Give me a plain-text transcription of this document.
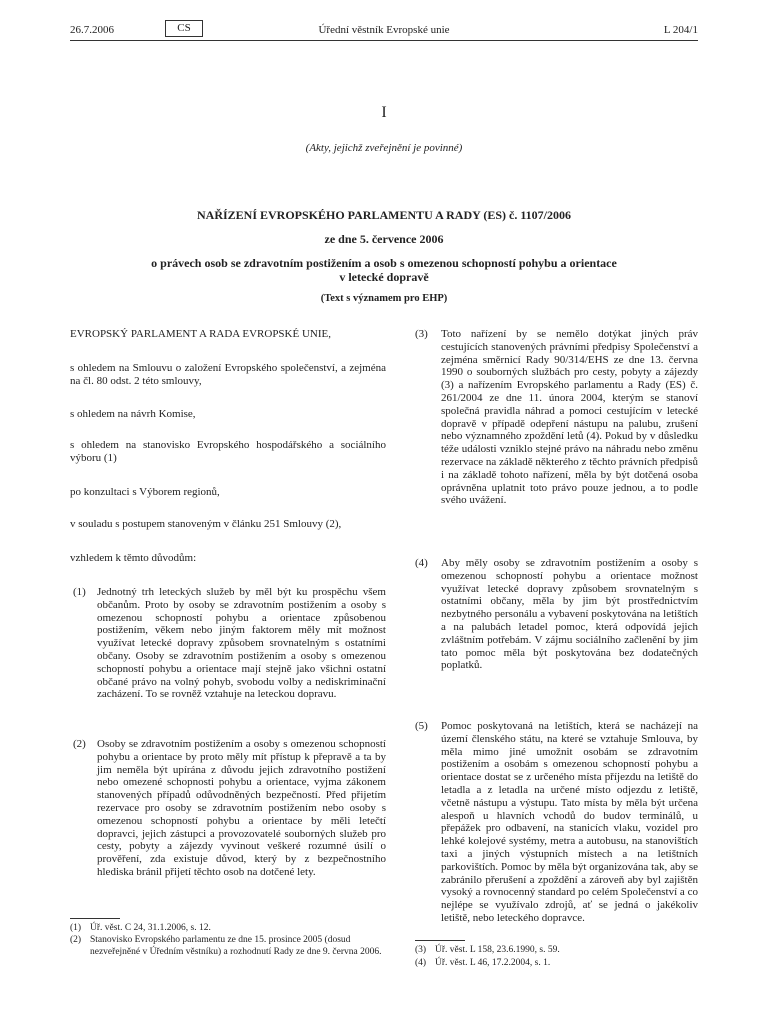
26.7.2006	CS	Úřední věstník Evropské unie	L 204/1
I
(Akty, jejichž zveřejnění je povinné)
NAŘÍZENÍ EVROPSKÉHO PARLAMENTU A RADY (ES) č. 1107/2006
ze dne 5. července 2006
o právech osob se zdravotním postižením a osob s omezenou schopností pohybu a orientace
v letecké dopravě
(Text s významem pro EHP)
EVROPSKÝ PARLAMENT A RADA EVROPSKÉ UNIE,
s ohledem na Smlouvu o založení Evropského společenství, a zejména na čl. 80 odst. 2 této smlouvy,
s ohledem na návrh Komise,
s ohledem na stanovisko Evropského hospodářského a sociálního výboru (1)
po konzultaci s Výborem regionů,
v souladu s postupem stanoveným v článku 251 Smlouvy (2),
vzhledem k těmto důvodům:
(1) Jednotný trh leteckých služeb by měl být ku prospěchu všem občanům. Proto by osoby se zdravotním postižením a osoby s omezenou schopností pohybu a orientace způsobenou postižením, věkem nebo jiným faktorem měly mít možnost využívat letecké dopravy způsobem srovnatelným s ostatními občany. Osoby se zdravotním postižením a osoby s omezenou schopností pohybu a orientace mají stejně jako všichni ostatní občané právo na volný pohyb, svobodu volby a nediskriminační zacházení. To se rovněž vztahuje na leteckou dopravu.
(2) Osoby se zdravotním postižením a osoby s omezenou schopností pohybu a orientace by proto měly mít přístup k přepravě a ta by jim neměla být upírána z důvodu jejich zdravotního postižení nebo omezené schopnosti pohybu a orientace, vyjma zákonem stanovených případů odůvodněných bezpečností. Před přijetím rezervace pro osoby se zdravotním postižením nebo osoby s omezenou schopností pohybu a orientace by měli letečtí dopravci, jejich zástupci a provozovatelé souborných služeb pro cesty, pobyty a zájezdy vyvinout veškeré rozumné úsilí o prověření, zda existuje důvod, který by z bezpečnostního hlediska bránil přijetí těchto osob na dotčené lety.
(1) Úř. věst. C 24, 31.1.2006, s. 12.
(2) Stanovisko Evropského parlamentu ze dne 15. prosince 2005 (dosud nezveřejněné v Úředním věstníku) a rozhodnutí Rady ze dne 9. června 2006.
(3) Toto nařízení by se nemělo dotýkat jiných práv cestujících stanovených právními předpisy Společenství a zejména směrnicí Rady 90/314/EHS ze dne 13. června 1990 o souborných službách pro cesty, pobyty a zájezdy (3) a nařízením Evropského parlamentu a Rady (ES) č. 261/2004 ze dne 11. února 2004, kterým se stanoví společná pravidla náhrad a pomoci cestujícím v letecké dopravě v případě odepření nástupu na palubu, zrušení nebo významného zpoždění letů (4). Pokud by v důsledku téže události vzniklo stejné právo na náhradu nebo změnu rezervace na základě některého z těchto právních předpisů i na základě tohoto nařízení, měla by být dotčená osoba oprávněna uplatnit toto právo pouze jednou, a to podle svého uvážení.
(4) Aby měly osoby se zdravotním postižením a osoby s omezenou schopností pohybu a orientace možnost využívat letecké dopravy způsobem srovnatelným s ostatními občany, měla by jim být prostřednictvím nezbytného personálu a vybavení poskytována na letištích a na palubách letadel pomoc, která odpovídá jejich zvláštním potřebám. V zájmu sociálního začlenění by jim tato pomoc měla být poskytována bez dodatečných poplatků.
(5) Pomoc poskytovaná na letištích, která se nacházejí na území členského státu, na které se vztahuje Smlouva, by měla mimo jiné umožnit osobám se zdravotním postižením a osobám s omezenou schopností pohybu a orientace dostat se z určeného místa příjezdu na letiště do letadla a z letadla na určené místo odjezdu z letiště, včetně nástupu a výstupu. Tato místa by měla být určena alespoň u hlavních vchodů do budov terminálů, u přepážek pro odbavení, na stanicích vlaku, vozidel pro lehké kolejové systémy, metra a autobusu, na stanovištích taxi a jiných výstupních místech a na letištních parkovištích. Pomoc by měla být organizována tak, aby se zabránilo přerušení a zpoždění a zároveň aby byl zajištěn vysoký a rovnocenný standard po celém Společenství a co nejlépe se využívalo zdrojů, ať se jedná o jakékoliv letiště, nebo leteckého dopravce.
(3) Úř. věst. L 158, 23.6.1990, s. 59.
(4) Úř. věst. L 46, 17.2.2004, s. 1.
